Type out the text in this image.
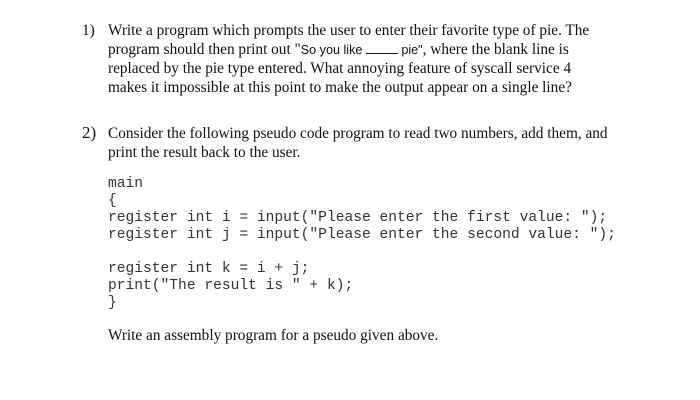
1) Write a program which prompts the user to enter their favorite type of pie. The
program should then print out "So you like	pie", where the blank line is
replaced by the pie type entered. What annoying feature of syscall service 4
makes it impossible at this point to make the output appear on a single line?
2) Consider the following pseudo code program to read two numbers, add them, and
print the result back to the user.
main
{
register int i = input("Please enter the first value: ");
register int j = input("Please enter the second value: ");
register int k = i + j;
print("The result is " + k);
}
Write an assembly program for a pseudo given above.
